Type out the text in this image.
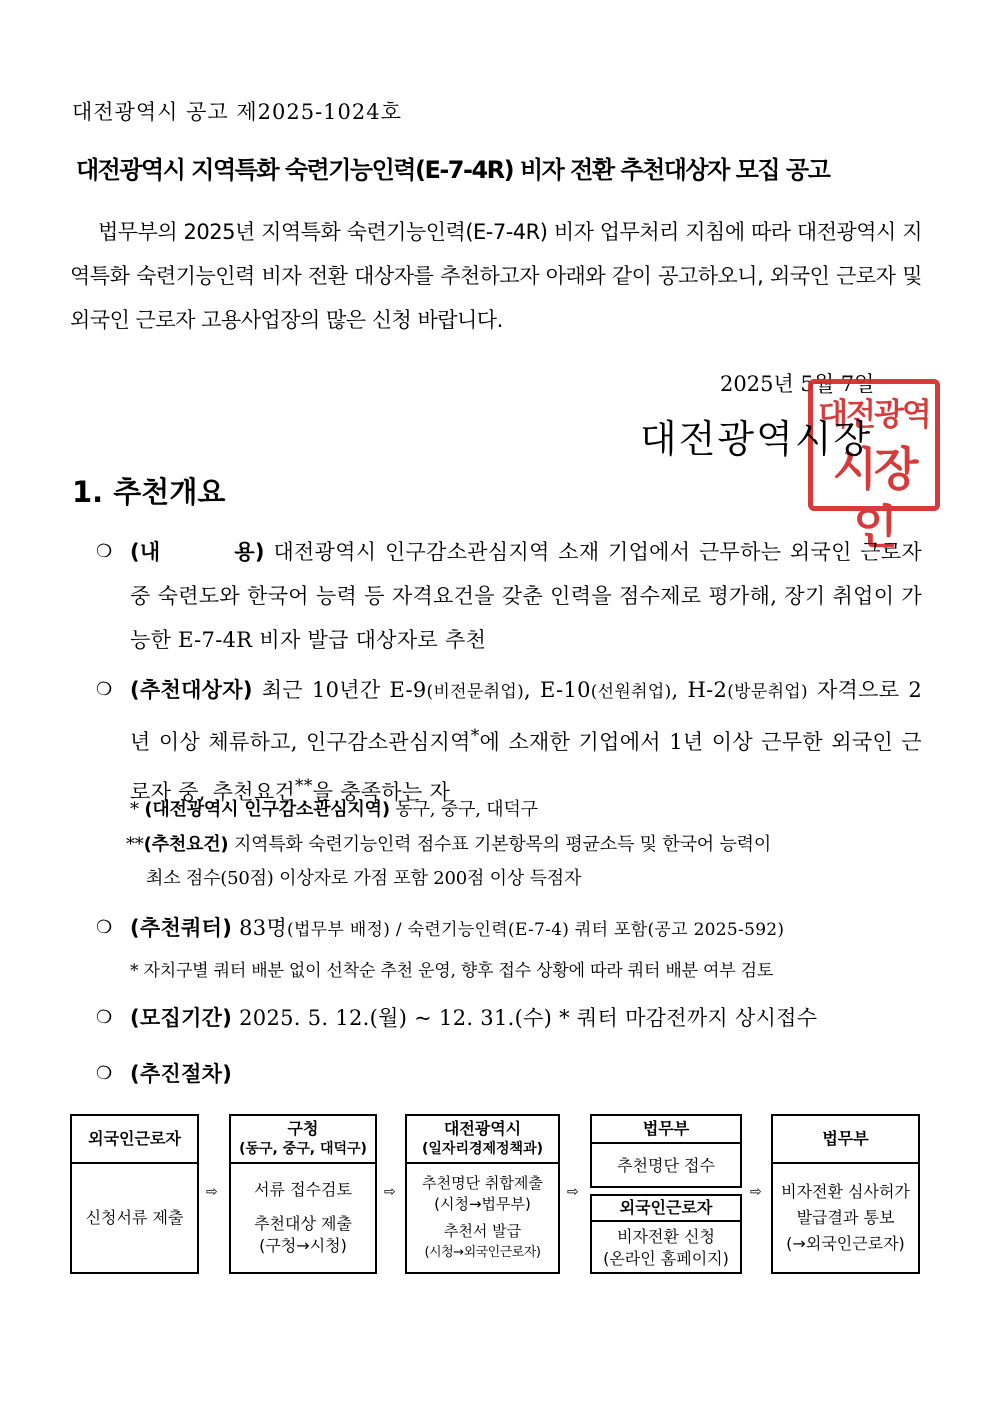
대전광역시 공고 제2025-1024호
대전광역시 지역특화 숙련기능인력(E-7-4R) 비자 전환 추천대상자 모집 공고
법무부의 2025년 지역특화 숙련기능인력(E-7-4R) 비자 업무처리 지침에 따라 대전광역시 지역특화 숙련기능인력 비자 전환 대상자를 추천하고자 아래와 같이 공고하오니, 외국인 근로자 및 외국인 근로자 고용사업장의 많은 신청 바랍니다.
2025년 5월 7일
대전광역
시장인
대전광역시장
1. 추천개요
❍ (내        용) 대전광역시 인구감소관심지역 소재 기업에서 근무하는 외국인 근로자 중 숙련도와 한국어 능력 등 자격요건을 갖춘 인력을 점수제로 평가해, 장기 취업이 가능한 E-7-4R 비자 발급 대상자로 추천
❍ (추천대상자) 최근 10년간 E-9(비전문취업), E-10(선원취업), H-2(방문취업) 자격으로 2년 이상 체류하고, 인구감소관심지역*에 소재한 기업에서 1년 이상 근무한 외국인 근로자 중, 추천요건**을 충족하는 자
* (대전광역시 인구감소관심지역) 동구, 중구, 대덕구
**(추천요건) 지역특화 숙련기능인력 점수표 기본항목의 평균소득 및 한국어 능력이
최소 점수(50점) 이상자로 가점 포함 200점 이상 득점자
❍ (추천쿼터) 83명(법무부 배정) / 숙련기능인력(E-7-4) 쿼터 포함(공고 2025-592)
* 자치구별 쿼터 배분 없이 선착순 추천 운영, 향후 접수 상황에 따라 쿼터 배분 여부 검토
❍ (모집기간) 2025. 5. 12.(월) ~ 12. 31.(수) * 쿼터 마감전까지 상시접수
❍ (추진절차)
외국인근로자
신청서류 제출
⇨
구청
(동구, 중구, 대덕구)
서류 접수검토
추천대상 제출
(구청→시청)
⇨
대전광역시
(일자리경제정책과)
추천명단 취합제출
(시청→법무부)
추천서 발급
(시청→외국인근로자)
⇨
법무부
추천명단 접수
외국인근로자
비자전환 신청
(온라인 홈페이지)
⇨
법무부
비자전환 심사허가
발급결과 통보
(→외국인근로자)
